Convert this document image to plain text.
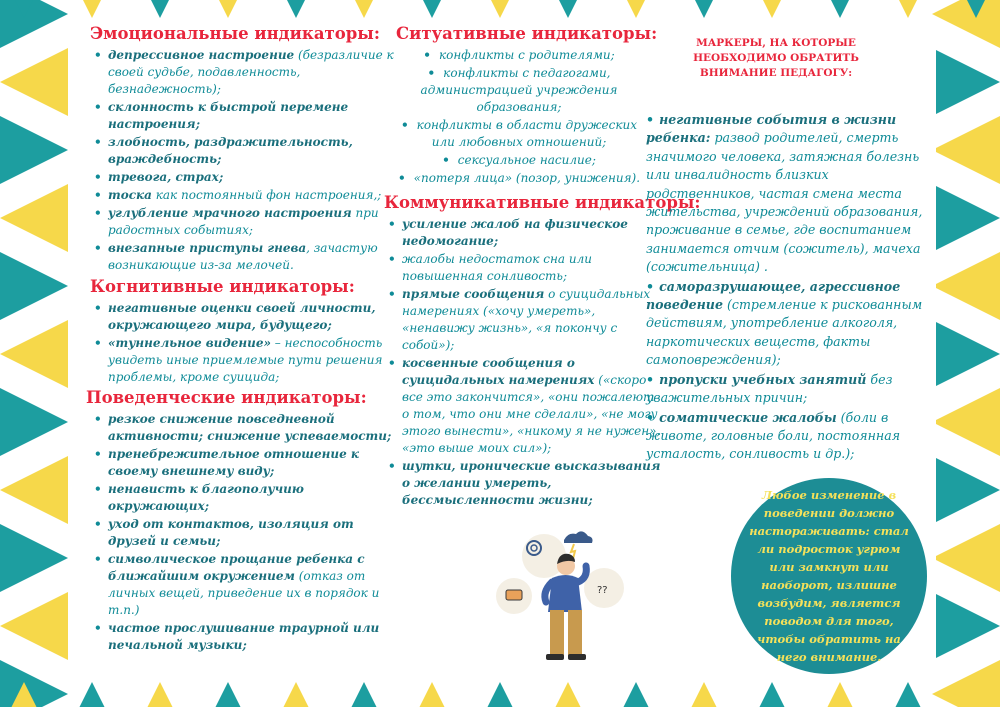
Эмоциональные индикаторы:
• депрессивное настроение (безразличие к своей судьбе, подавленность, безнадежность);
• склонность к быстрой перемене настроения;
• злобность, раздражительность, враждебность;
• тревога, страх;
• тоска как постоянный фон настроения,;
• углубление мрачного настроения при радостных событиях;
• внезапные приступы гнева, зачастую возникающие из-за мелочей.
Когнитивные индикаторы:
• негативные оценки своей личности, окружающего мира, будущего;
• «туннельное видение» – неспособность увидеть иные приемлемые пути решения проблемы, кроме суицида;
Поведенческие индикаторы:
• резкое снижение повседневной активности; снижение успеваемости;
• пренебрежительное отношение к своему внешнему виду;
• ненависть к благополучию окружающих;
• уход от контактов, изоляция от друзей и семьи;
• символическое прощание ребенка с ближайшим окружением (отказ от личных вещей, приведение их в порядок и т.п.)
• частое прослушивание траурной или печальной музыки;
Ситуативные индикаторы:
• конфликты с родителями;
• конфликты с педагогами, администрацией учреждения образования;
• конфликты в области дружеских или любовных отношений;
• сексуальное насилие;
• «потеря лица» (позор, унижения).
Коммуникативные индикаторы:
• усиление жалоб на физическое недомогание;
• жалобы недостаток сна или повышенная сонливость;
• прямые сообщения о суицидальных намерениях («хочу умереть», «ненавижу жизнь», «я покончу с собой»);
• косвенные сообщения о суицидальных намерениях («скоро все это закончится», «они пожалеют о том, что они мне сделали», «не могу этого вынести», «никому я не нужен», «это выше моих сил»);
• шутки, иронические высказывания о желании умереть, бессмысленности жизни;
МАРКЕРЫ, НА КОТОРЫЕ НЕОБХОДИМО ОБРАТИТЬ ВНИМАНИЕ ПЕДАГОГУ:
• негативные события в жизни ребенка: развод родителей, смерть значимого человека, затяжная болезнь или инвалидность близких родственников, частая смена места жительства, учреждений образования, проживание в семье, где воспитанием занимается отчим (сожитель), мачеха (сожительница) .
• саморазрушающее, агрессивное поведение (стремление к рискованным действиям, употребление алкоголя, наркотических веществ, факты самоповреждения);
• пропуски учебных занятий без уважительных причин;
• соматические жалобы (боли в животе, головные боли, постоянная усталость, сонливость и др.);
??

Любое изменение в поведении должно настораживать: стал ли подросток угрюм или замкнут или наоборот, излишне возбудим, является поводом для того, чтобы обратить на него внимание.
